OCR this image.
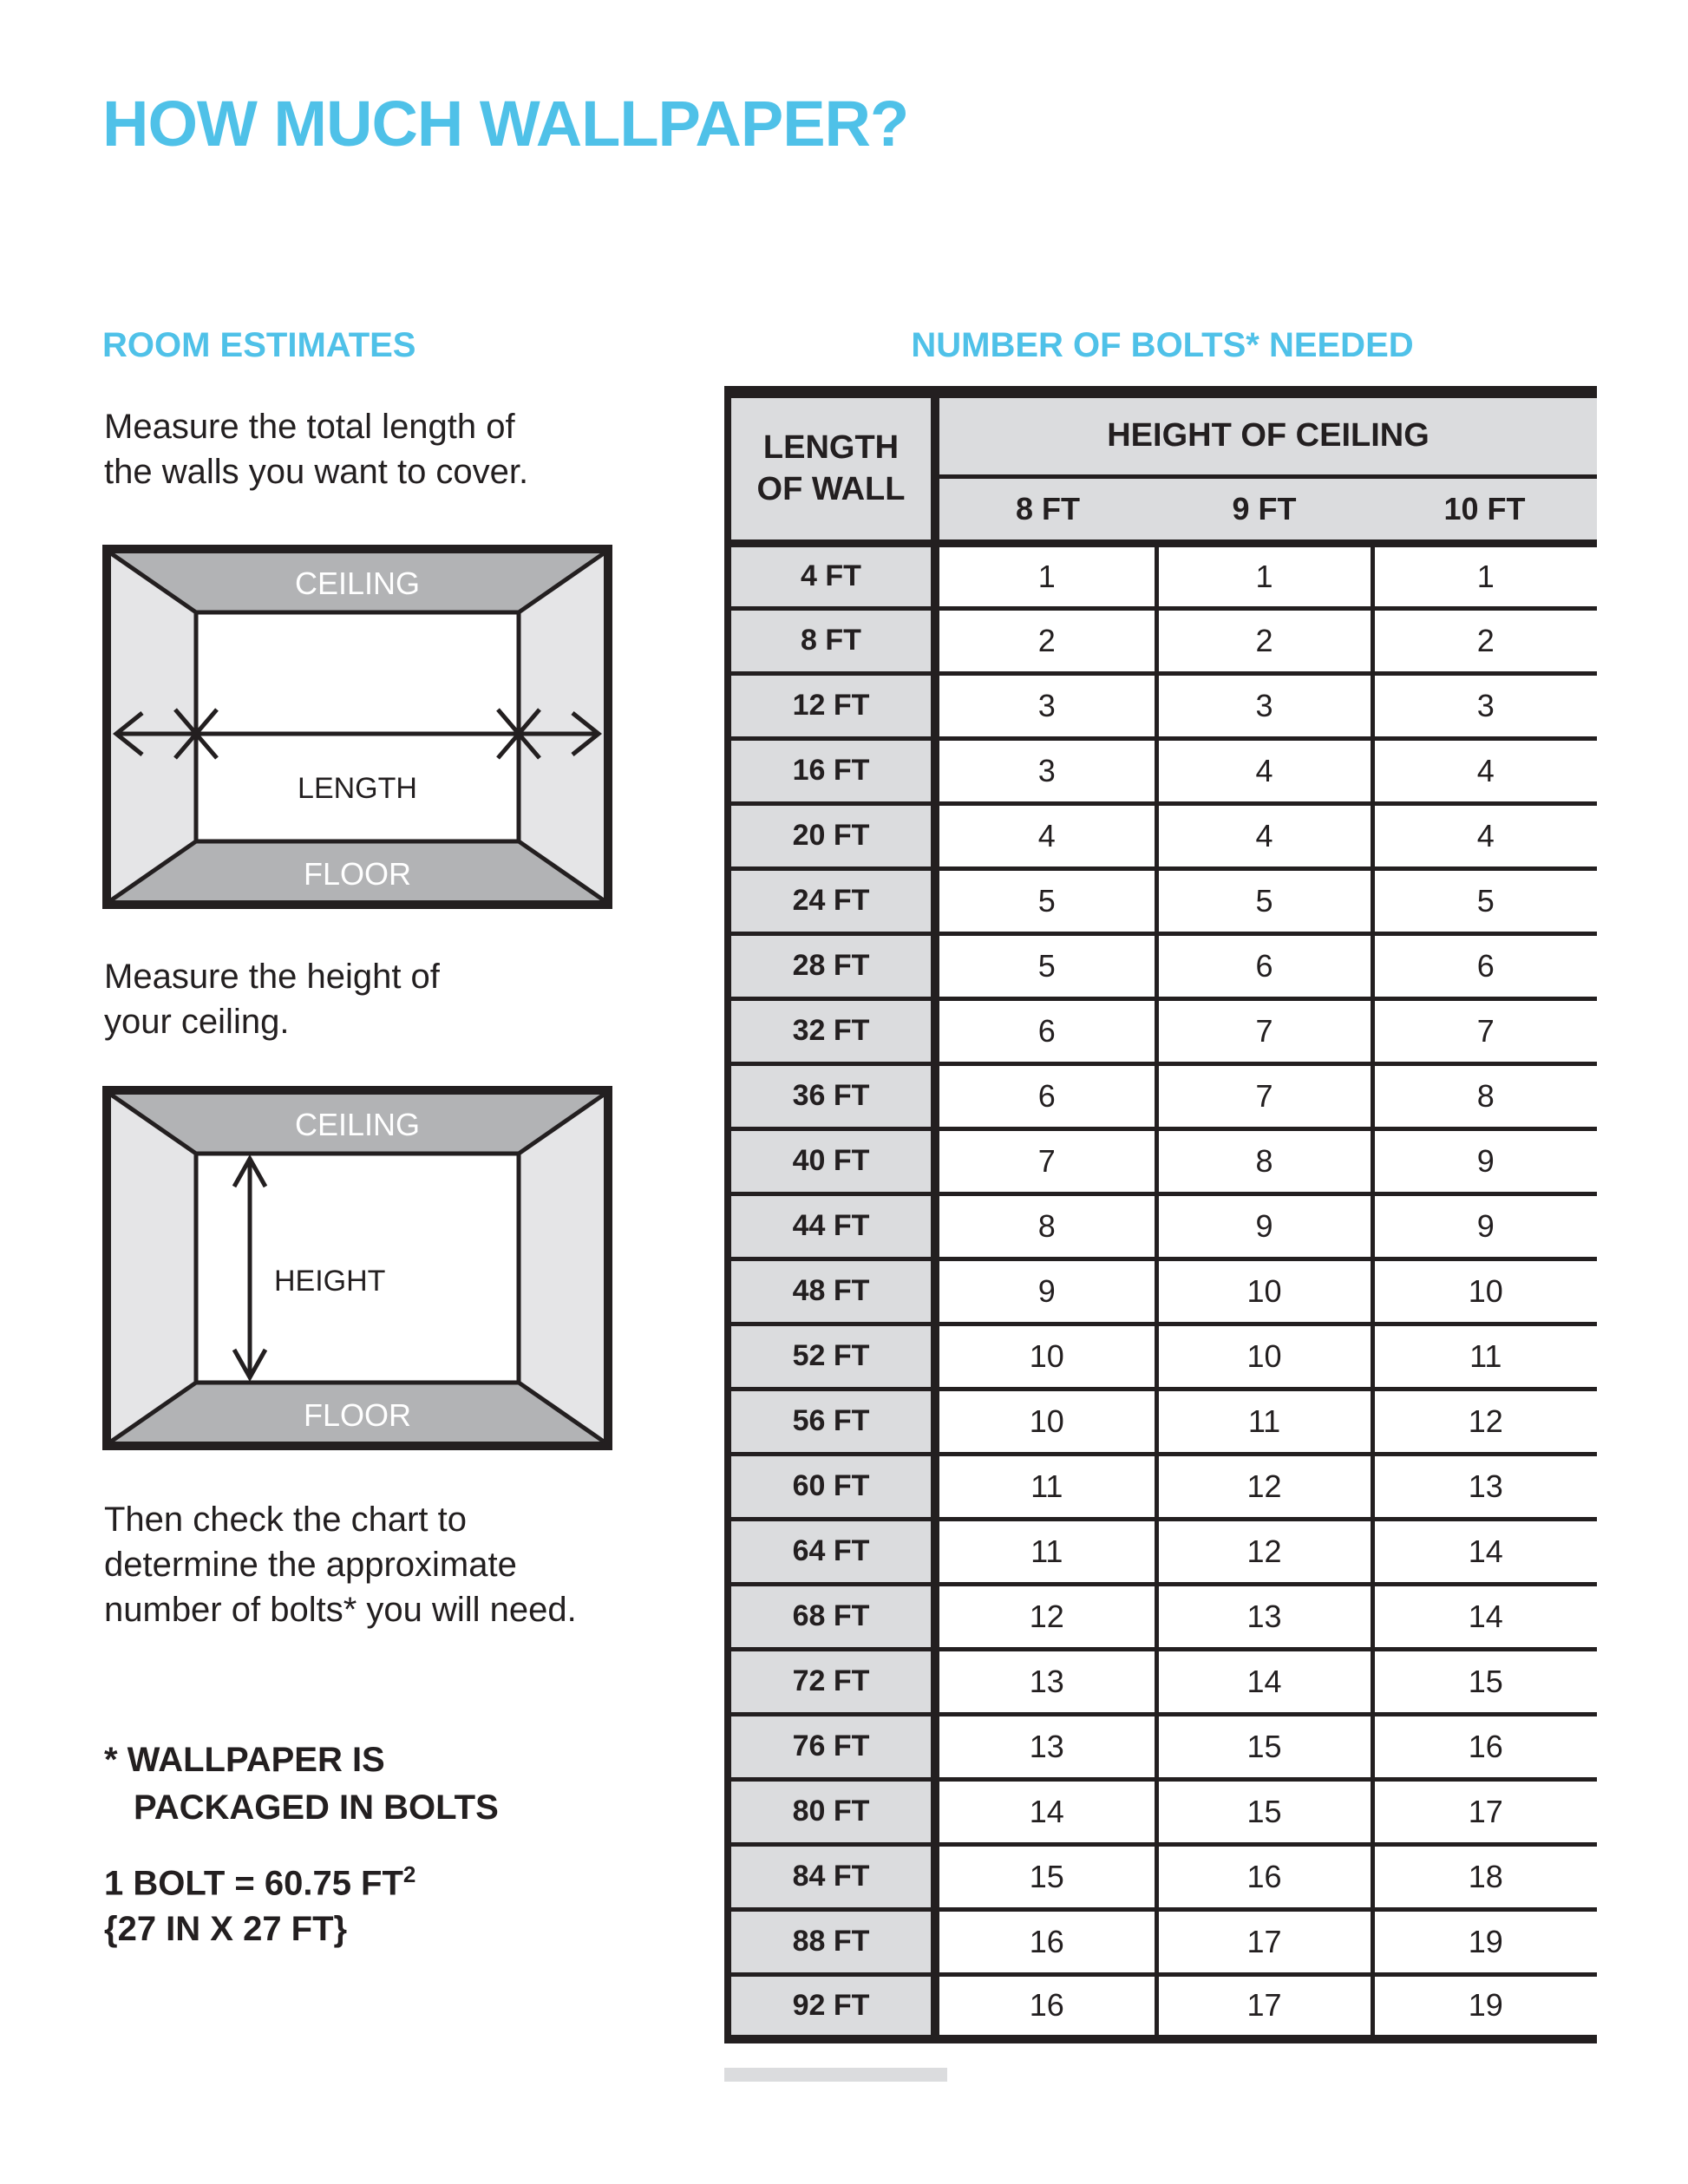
HOW MUCH WALLPAPER?
ROOM ESTIMATES	NUMBER OF BOLTS* NEEDED
Measure the total length of
the walls you want to cover.
CEILING
FLOOR
LENGTH
Measure the height of
your ceiling.
CEILING
FLOOR
HEIGHT
Then check the chart to
determine the approximate
number of bolts* you will need.
* WALLPAPER IS
PACKAGED IN BOLTS
1 BOLT = 60.75 $FT^2$
{27 IN X 27 FT}
LENGTH
OF WALL	HEIGHT OF CEILING		
	8 FT	9 FT	10 FT
4 FT	1	1	1
8 FT	2	2	2
12 FT	3	3	3
16 FT	3	4	4
20 FT	4	4	4
24 FT	5	5	5
28 FT	5	6	6
32 FT	6	7	7
36 FT	6	7	8
40 FT	7	8	9
44 FT	8	9	9
48 FT	9	10	10
52 FT	10	10	11
56 FT	10	11	12
60 FT	11	12	13
64 FT	11	12	14
68 FT	12	13	14
72 FT	13	14	15
76 FT	13	15	16
80 FT	14	15	17
84 FT	15	16	18
88 FT	16	17	19
92 FT	16	17	19
